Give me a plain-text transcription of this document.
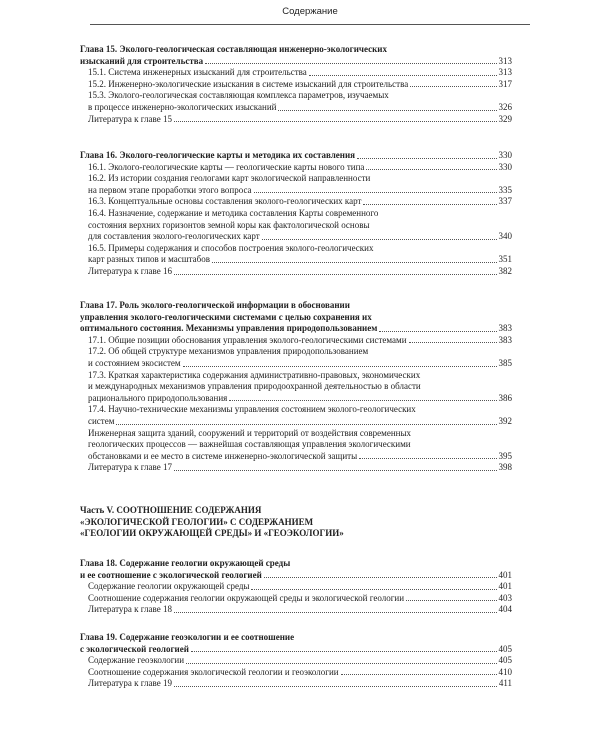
Содержание
Глава 15. Эколого-геологическая составляющая инженерно-экологических
изысканий для строительства	313
15.1. Система инженерных изысканий для строительства	313
15.2. Инженерно-экологические изыскания в системе изысканий для строительства	317
15.3. Эколого-геологическая составляющая комплекса параметров, изучаемых
в процессе инженерно-экологических изысканий	326
Литература к главе 15	329
Глава 16. Эколого-геологические карты и методика их составления	330
16.1. Эколого-геологические карты — геологические карты нового типа	330
16.2. Из истории создания геологами карт экологической направленности
на первом этапе проработки этого вопроса	335
16.3. Концептуальные основы составления эколого-геологических карт	337
16.4. Назначение, содержание и методика составления Карты современного
состояния верхних горизонтов земной коры как фактологической основы
для составления эколого-геологических карт	340
16.5. Примеры содержания и способов построения эколого-геологических
карт разных типов и масштабов	351
Литература к главе 16	382
Глава 17. Роль эколого-геологической информации в обосновании
управления эколого-геологическими системами с целью сохранения их
оптимального состояния. Механизмы управления природопользованием	383
17.1. Общие позиции обоснования управления эколого-геологическими системами	383
17.2. Об общей структуре механизмов управления природопользованием
и состоянием экосистем	385
17.3. Краткая характеристика содержания административно-правовых, экономических
и международных механизмов управления природоохранной деятельностью в области
рационального природопользования	386
17.4. Научно-технические механизмы управления состоянием эколого-геологических
систем	392
Инженерная защита зданий, сооружений и территорий от воздействия современных
геологических процессов — важнейшая составляющая управления экологическими
обстановками и ее место в системе инженерно-экологической защиты	395
Литература к главе 17	398
Часть V. СООТНОШЕНИЕ СОДЕРЖАНИЯ
«ЭКОЛОГИЧЕСКОЙ ГЕОЛОГИИ» С СОДЕРЖАНИЕМ
«ГЕОЛОГИИ ОКРУЖАЮЩЕЙ СРЕДЫ» И «ГЕОЭКОЛОГИИ»
Глава 18. Содержание геологии окружающей среды
и ее соотношение с экологической геологией	401
Содержание геологии окружающей среды	401
Соотношение содержания геологии окружающей среды и экологической геологии	403
Литература к главе 18	404
Глава 19. Содержание геоэкологии и ее соотношение
с экологической геологией	405
Содержание геоэкологии	405
Соотношение содержания экологической геологии и геоэкологии	410
Литература к главе 19	411
